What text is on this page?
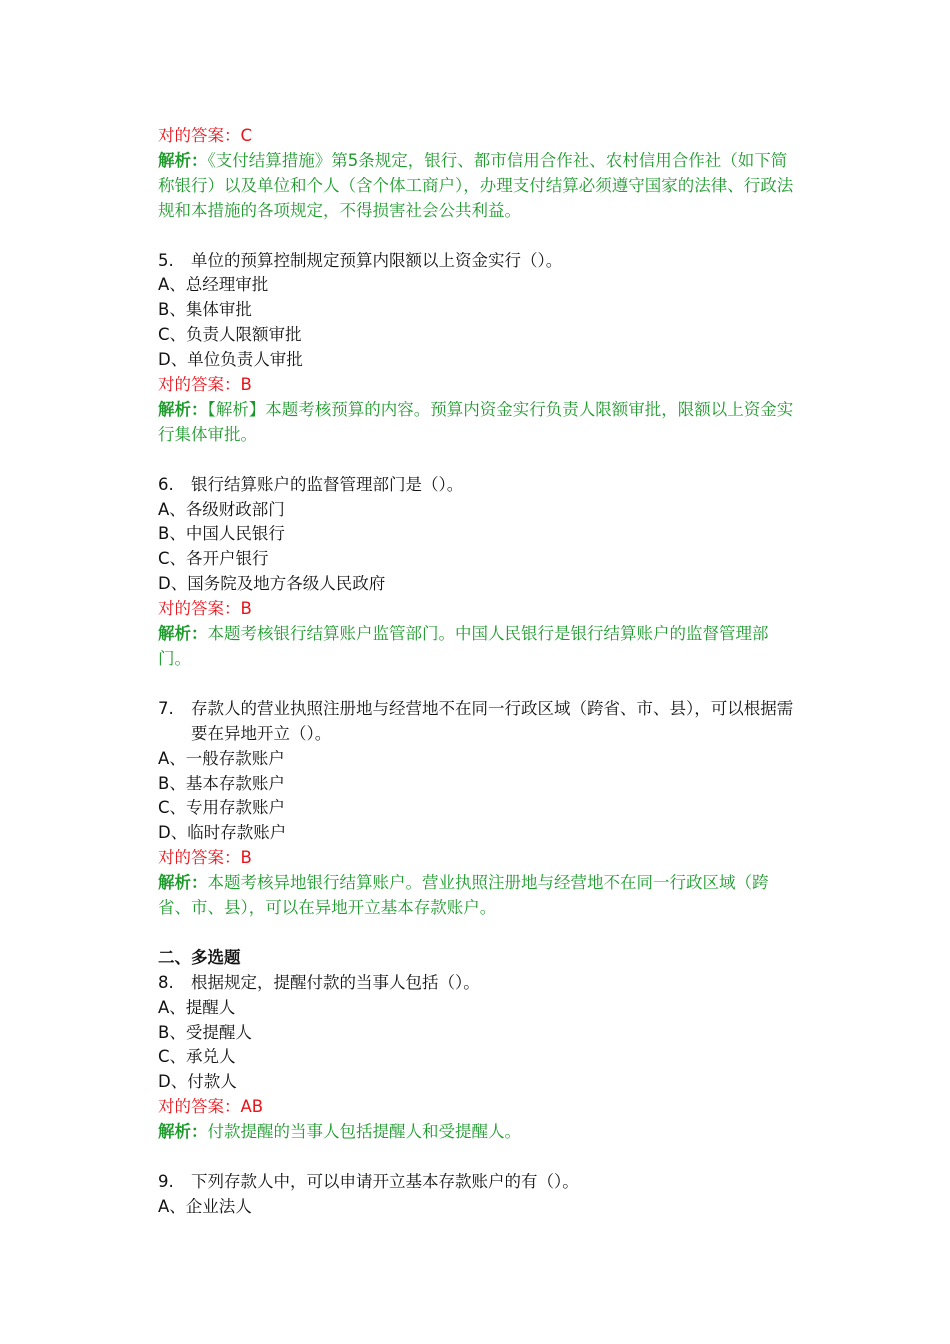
对的答案：C
解析：《支付结算措施》第5条规定，银行、都市信用合作社、农村信用合作社（如下简称银行）以及单位和个人（含个体工商户），办理支付结算必须遵守国家的法律、行政法规和本措施的各项规定，不得损害社会公共利益。
5.	单位的预算控制规定预算内限额以上资金实行（）。
A、总经理审批
B、集体审批
C、负责人限额审批
D、单位负责人审批
对的答案：B
解析：【解析】本题考核预算的内容。预算内资金实行负责人限额审批，限额以上资金实行集体审批。
6.	银行结算账户的监督管理部门是（）。
A、各级财政部门
B、中国人民银行
C、各开户银行
D、国务院及地方各级人民政府
对的答案：B
解析：本题考核银行结算账户监管部门。中国人民银行是银行结算账户的监督管理部门。
7.	存款人的营业执照注册地与经营地不在同一行政区域（跨省、市、县），可以根据需要在异地开立（）。
A、一般存款账户
B、基本存款账户
C、专用存款账户
D、临时存款账户
对的答案：B
解析：本题考核异地银行结算账户。营业执照注册地与经营地不在同一行政区域（跨省、市、县），可以在异地开立基本存款账户。
二、多选题
8.	根据规定，提醒付款的当事人包括（）。
A、提醒人
B、受提醒人
C、承兑人
D、付款人
对的答案：AB
解析：付款提醒的当事人包括提醒人和受提醒人。
9.	下列存款人中，可以申请开立基本存款账户的有（）。
A、企业法人
